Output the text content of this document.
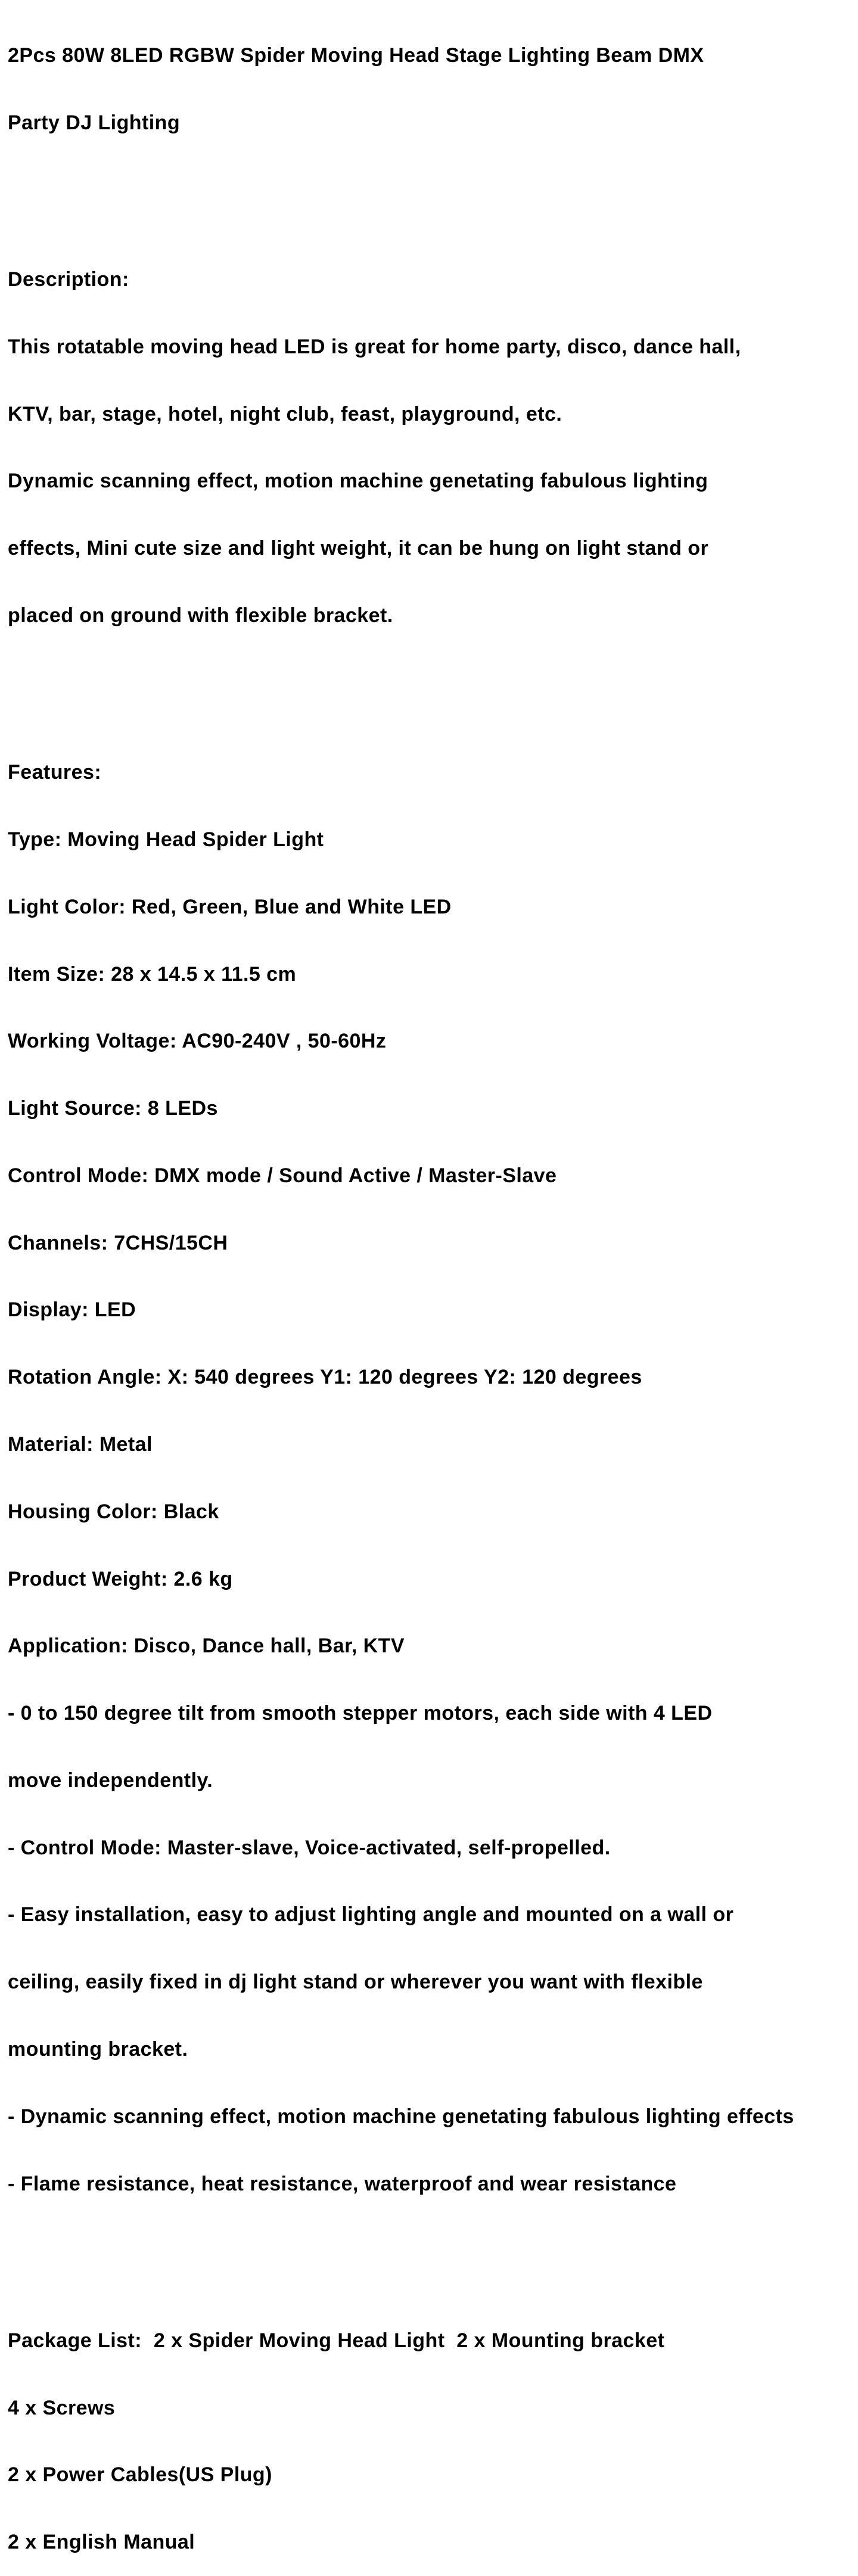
2Pcs 80W 8LED RGBW Spider Moving Head Stage Lighting Beam DMX

Party DJ Lighting

Description:

This rotatable moving head LED is great for home party, disco, dance hall,

KTV, bar, stage, hotel, night club, feast, playground, etc.

Dynamic scanning effect, motion machine genetating fabulous lighting

effects, Mini cute size and light weight, it can be hung on light stand or

placed on ground with flexible bracket.

Features:

Type: Moving Head Spider Light

Light Color: Red, Green, Blue and White LED

Item Size: 28 x 14.5 x 11.5 cm

Working Voltage: AC90-240V , 50-60Hz

Light Source: 8 LEDs

Control Mode: DMX mode / Sound Active / Master-Slave

Channels: 7CHS/15CH

Display: LED

Rotation Angle: X: 540 degrees Y1: 120 degrees Y2: 120 degrees

Material: Metal

Housing Color: Black

Product Weight: 2.6 kg

Application: Disco, Dance hall, Bar, KTV

- 0 to 150 degree tilt from smooth stepper motors, each side with 4 LED

move independently.

- Control Mode: Master-slave, Voice-activated, self-propelled.

- Easy installation, easy to adjust lighting angle and mounted on a wall or

ceiling, easily fixed in dj light stand or wherever you want with flexible

mounting bracket.

- Dynamic scanning effect, motion machine genetating fabulous lighting effects

- Flame resistance, heat resistance, waterproof and wear resistance

Package List:  2 x Spider Moving Head Light  2 x Mounting bracket

4 x Screws

2 x Power Cables(US Plug)

2 x English Manual
